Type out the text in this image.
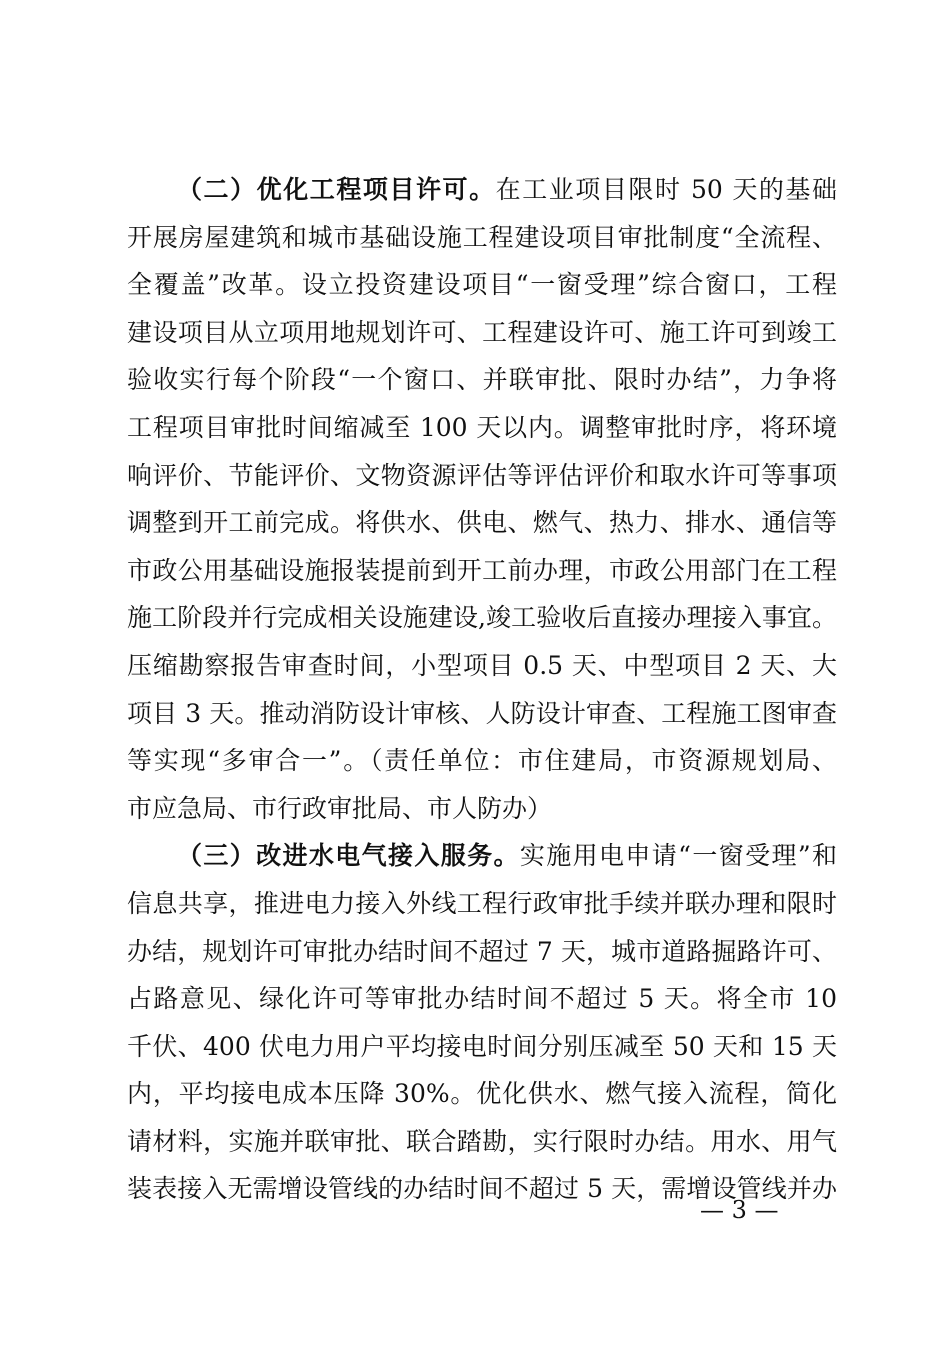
（二）优化工程项目许可。在工业项目限时 50 天的基础
开展房屋建筑和城市基础设施工程建设项目审批制度“全流程、
全覆盖”改革。设立投资建设项目“一窗受理”综合窗口，工程
建设项目从立项用地规划许可、工程建设许可、施工许可到竣工
验收实行每个阶段“一个窗口、并联审批、限时办结”，力争将
工程项目审批时间缩减至 100 天以内。调整审批时序，将环境
响评价、节能评价、文物资源评估等评估评价和取水许可等事项
调整到开工前完成。将供水、供电、燃气、热力、排水、通信等
市政公用基础设施报装提前到开工前办理，市政公用部门在工程
施工阶段并行完成相关设施建设,竣工验收后直接办理接入事宜。
压缩勘察报告审查时间，小型项目 0.5 天、中型项目 2 天、大
项目 3 天。推动消防设计审核、人防设计审查、工程施工图审查
等实现“多审合一”。（责任单位：市住建局，市资源规划局、
市应急局、市行政审批局、市人防办）
（三）改进水电气接入服务。实施用电申请“一窗受理”和
信息共享，推进电力接入外线工程行政审批手续并联办理和限时
办结，规划许可审批办结时间不超过 7 天，城市道路掘路许可、
占路意见、绿化许可等审批办结时间不超过 5 天。将全市 10
千伏、400 伏电力用户平均接电时间分别压减至 50 天和 15 天
内，平均接电成本压降 30%。优化供水、燃气接入流程，简化
请材料，实施并联审批、联合踏勘，实行限时办结。用水、用气
装表接入无需增设管线的办结时间不超过 5 天，需增设管线并办
— 3 —
